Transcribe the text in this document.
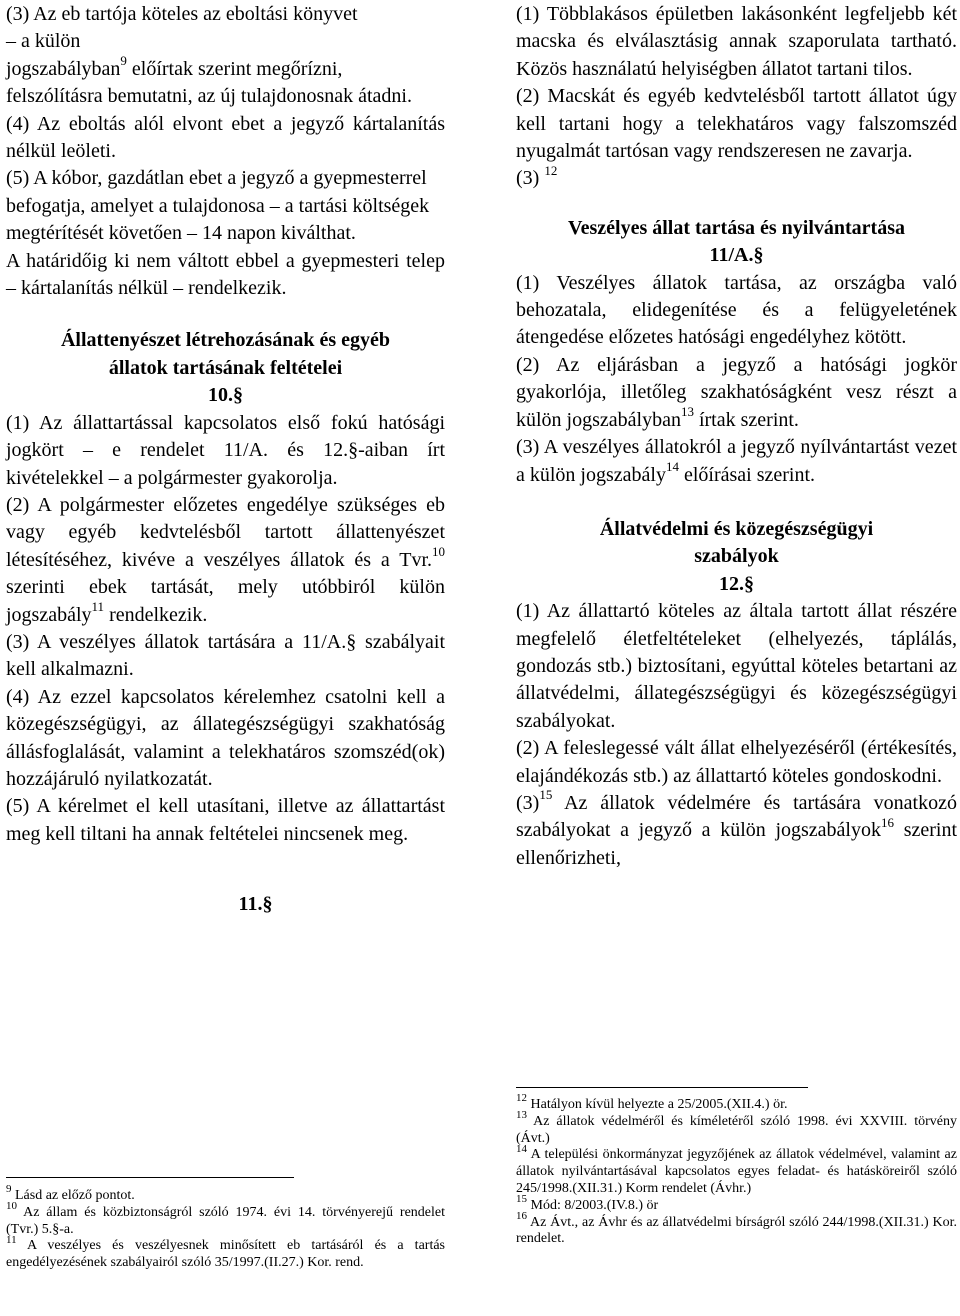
(3) Az eb tartója köteles az eboltási könyvet

– a külön

jogszabályban$^9$ előírtak szerint megőrízni,

felszólításra bemutatni, az új tulajdonosnak átadni.

(4) Az eboltás alól elvont ebet a jegyző kártalanítás nélkül leöleti.

(5) A kóbor, gazdátlan ebet a jegyző a gyepmesterrel

befogatja, amelyet a tulajdonosa – a tartási költségek

megtérítését követően – 14 napon kiválthat.

A határidőig ki nem váltott ebbel a gyepmesteri telep – kártalanítás nélkül – rendelkezik.

Állattenyészet létrehozásának és egyéb

állatok tartásának feltételei

10.§

(1) Az állattartással kapcsolatos első fokú hatósági jogkört – e rendelet 11/A. és 12.§-aiban írt kivételekkel – a polgármester gyakorolja.

(2) A polgármester előzetes engedélye szükséges eb vagy egyéb kedvtelésből tartott állattenyészet létesítéséhez, kivéve a veszélyes állatok és a Tvr.$^{10}$ szerinti ebek tartását, mely utóbbiról külön jogszabály$^{11}$ rendelkezik.

(3) A veszélyes állatok tartására a 11/A.§ szabályait kell alkalmazni.

(4) Az ezzel kapcsolatos kérelemhez csatolni kell a közegészségügyi, az állategészségügyi szakhatóság állásfoglalását, valamint a telekhatáros szomszéd(ok) hozzájáruló nyilatkozatát.

(5) A kérelmet el kell utasítani, illetve az állattartást meg kell tiltani ha annak feltételei nincsenek meg.

11.§

$^9$ Lásd az előző pontot.

$^{10}$ Az állam és közbiztonságról szóló 1974. évi 14. törvényerejű rendelet (Tvr.) 5.§-a.

$^{11}$ A veszélyes és veszélyesnek minősített eb tartásáról és a tartás engedélyezésének szabályairól szóló 35/1997.(II.27.) Kor. rend.

(1) Többlakásos épületben lakásonként legfeljebb két macska és elválasztásig annak szaporulata tartható. Közös használatú helyiségben állatot tartani tilos.

(2) Macskát és egyéb kedvtelésből tartott állatot úgy kell tartani hogy a telekhatáros vagy falszomszéd nyugalmát tartósan vagy rendszeresen ne zavarja.

(3) $^{12}$

Veszélyes állat tartása és nyilvántartása

11/A.§

(1) Veszélyes állatok tartása, az országba való behozatala, elidegenítése és a felügyeletének átengedése előzetes hatósági engedélyhez kötött.

(2) Az eljárásban a jegyző a hatósági jogkör gyakorlója, illetőleg szakhatóságként vesz részt a külön jogszabályban$^{13}$ írtak szerint.

(3) A veszélyes állatokról a jegyző nyílvántartást vezet a külön jogszabály$^{14}$ előírásai szerint.

Állatvédelmi és közegészségügyi

szabályok

12.§

(1) Az állattartó köteles az általa tartott állat részére megfelelő életfeltételeket (elhelyezés, táplálás, gondozás stb.) biztosítani, egyúttal köteles betartani az állatvédelmi, állategészségügyi és közegészségügyi szabályokat.

(2) A feleslegessé vált állat elhelyezéséről (értékesítés, elajándékozás stb.) az állattartó köteles gondoskodni.

$(3)^{15}$ Az állatok védelmére és tartására vonatkozó szabályokat a jegyző a külön jogszabályok$^{16}$ szerint ellenőrizheti,

$^{12}$ Hatályon kívül helyezte a 25/2005.(XII.4.) ör.

$^{13}$ Az állatok védelméről és kíméletéről szóló 1998. évi XXVIII. törvény (Ávt.)

$^{14}$ A települési önkormányzat jegyzőjének az állatok védelmével, valamint az állatok nyilvántartásával kapcsolatos egyes feladat- és hatásköreiről szóló 245/1998.(XII.31.) Korm rendelet (Ávhr.)

$^{15}$ Mód: 8/2003.(IV.8.) ör

$^{16}$ Az Ávt., az Ávhr és az állatvédelmi bírságról szóló 244/1998.(XII.31.) Kor. rendelet.
